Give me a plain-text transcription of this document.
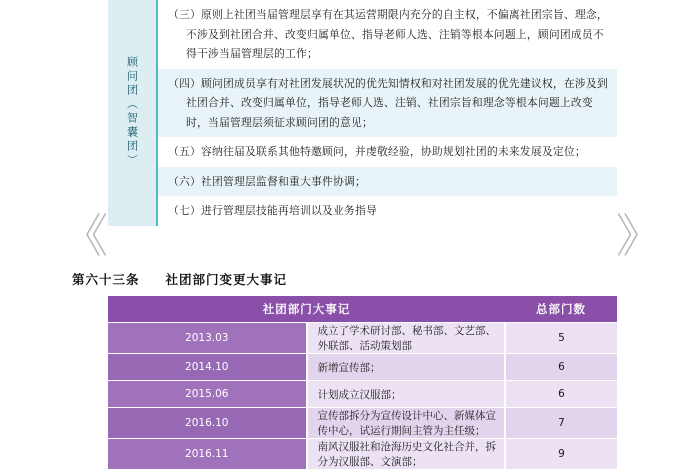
顾问团（智囊团）	
（三）原则上社团当届管理层享有在其运营期限内充分的自主权，不偏离社团宗旨、理念，不涉及到社团合并、改变归属单位、指导老师人选、注销等根本问题上，顾问团成员不得干涉当届管理层的工作；

（四）顾问团成员享有对社团发展状况的优先知情权和对社团发展的优先建议权，在涉及到社团合并、改变归属单位，指导老师人选、注销、社团宗旨和理念等根本问题上改变时，当届管理层须征求顾问团的意见；

（五）容纳往届及联系其他特邀顾问，并虔敬经验，协助规划社团的未来发展及定位；

（六）社团管理层监督和重大事件协调；

（七）进行管理层技能再培训以及业务指导
《	》
第六十三条 社团部门变更大事记
社团部门大事记		总部门数
2013.03	成立了学术研讨部、秘书部、文艺部、外联部、活动策划部	5
2014.10	新增宣传部；	6
2015.06	计划成立汉服部；	6
2016.10	宣传部拆分为宣传设计中心、新媒体宣传中心，试运行期间主管为主任级；	7
2016.11	南风汉服社和沧海历史文化社合并，拆分为汉服部、文演部；	9
